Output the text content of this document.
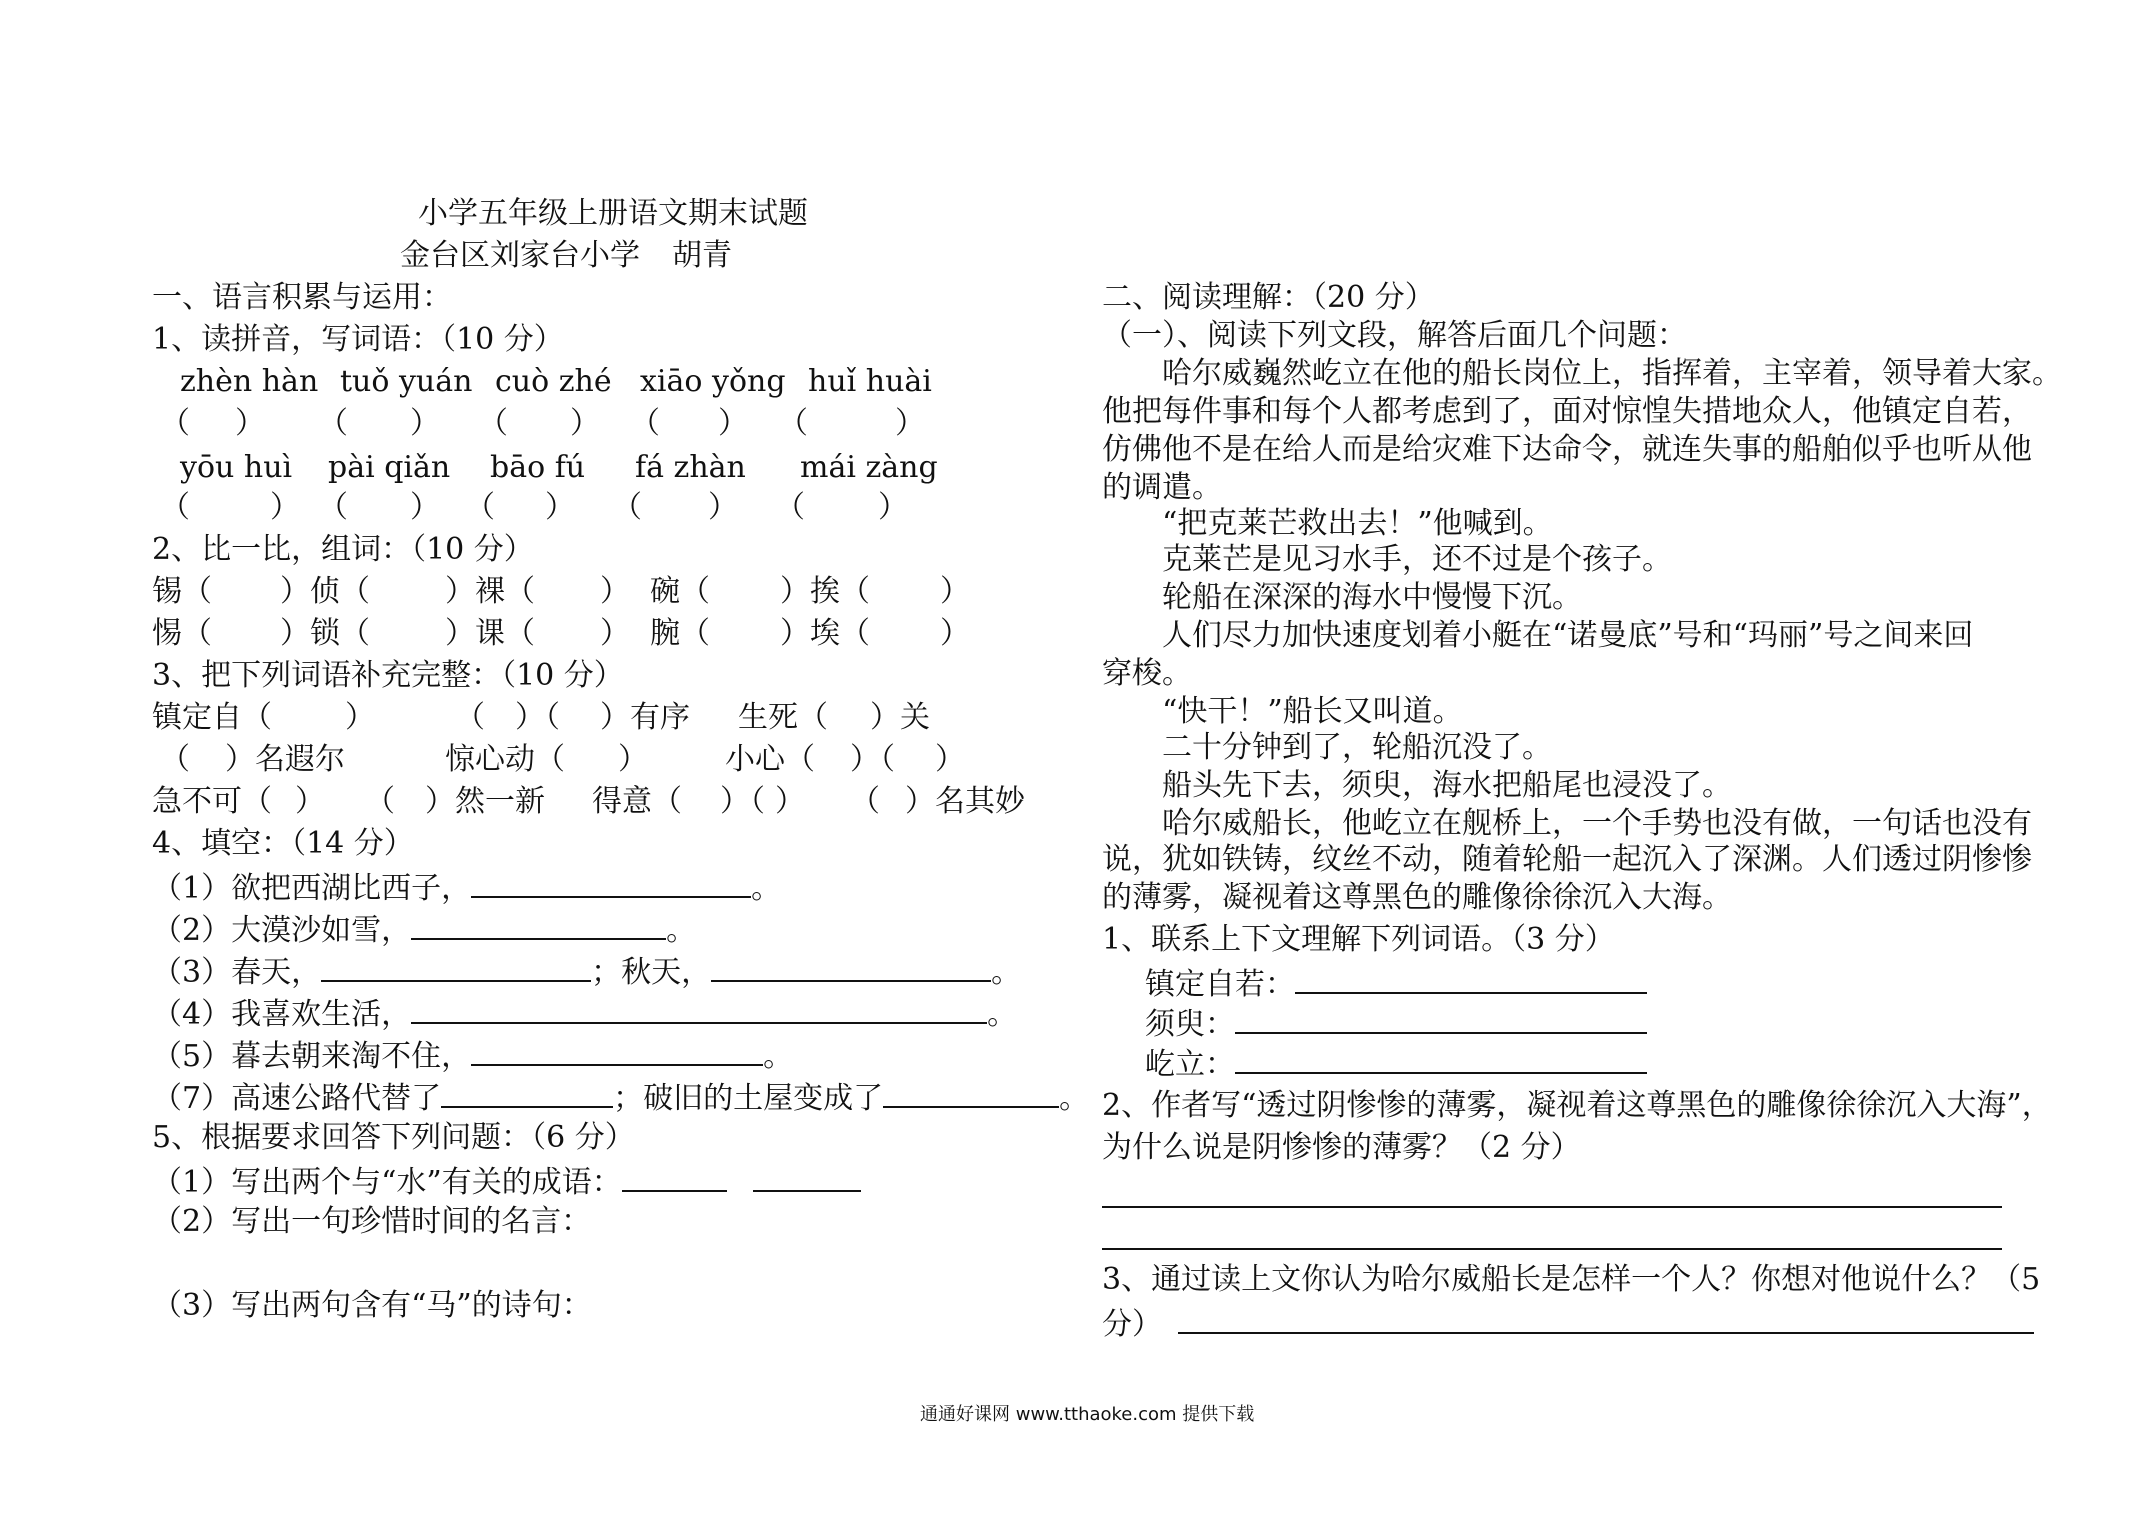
小学五年级上册语文期末试题
金台区刘家台小学 胡青
一、语言积累与运用：
1、读拼音，写词语：（10 分）
zhèn hàn tuǒ yuán cuò zhé xiāo yǒng huǐ huài
（ ） （ ） （ ） （ ） （	）
yōu huì pài qiǎn bāo fú fá zhàn mái zàng
（	） （ ） （ ） （ ） （ ）
2、比一比，组词：（10 分）
锡（ ）侦（	）裸（ ） 碗（ ）挨（ ）
惕（ ）锁（	）课（ ） 腕（ ）埃（ ）
3、把下列词语补充完整：（10 分）
镇定自（ ）	（ ）（ ）有序 生死（ ）关
（ ）名遐尔	惊心动（ ）	小心（ ）（ ）
急不可（ ） （ ）然一新 得意（ ）（ ） （ ）名其妙
4、填空：（14 分）
（1）欲把西湖比西子，	。
（2）大漠沙如雪，	。
（3）春天，	；秋天，	。
（4）我喜欢生活，	。
（5）暮去朝来淘不住，	。
（7）高速公路代替了	；破旧的土屋变成了	。
5、根据要求回答下列问题：（6 分）
（1）写出两个与“水”有关的成语：
（2）写出一句珍惜时间的名言：
（3）写出两句含有“马”的诗句：
二、阅读理解：（20 分）
（一）、阅读下列文段，解答后面几个问题：
哈尔威巍然屹立在他的船长岗位上，指挥着，主宰着，领导着大家。
他把每件事和每个人都考虑到了，面对惊惶失措地众人，他镇定自若，
仿佛他不是在给人而是给灾难下达命令，就连失事的船舶似乎也听从他
的调遣。
“把克莱芒救出去！”他喊到。
克莱芒是见习水手，还不过是个孩子。
轮船在深深的海水中慢慢下沉。
人们尽力加快速度划着小艇在“诺曼底”号和“玛丽”号之间来回
穿梭。
“快干！”船长又叫道。
二十分钟到了，轮船沉没了。
船头先下去，须臾，海水把船尾也浸没了。
哈尔威船长，他屹立在舰桥上，一个手势也没有做，一句话也没有
说，犹如铁铸，纹丝不动，随着轮船一起沉入了深渊。人们透过阴惨惨
的薄雾，凝视着这尊黑色的雕像徐徐沉入大海。
1、联系上下文理解下列词语。（3 分）
镇定自若：
须臾：
屹立：
2、作者写“透过阴惨惨的薄雾，凝视着这尊黑色的雕像徐徐沉入大海”，
为什么说是阴惨惨的薄雾？（2 分）
3、通过读上文你认为哈尔威船长是怎样一个人？你想对他说什么？（5
分）
通通好课网 www.tthaoke.com 提供下载
